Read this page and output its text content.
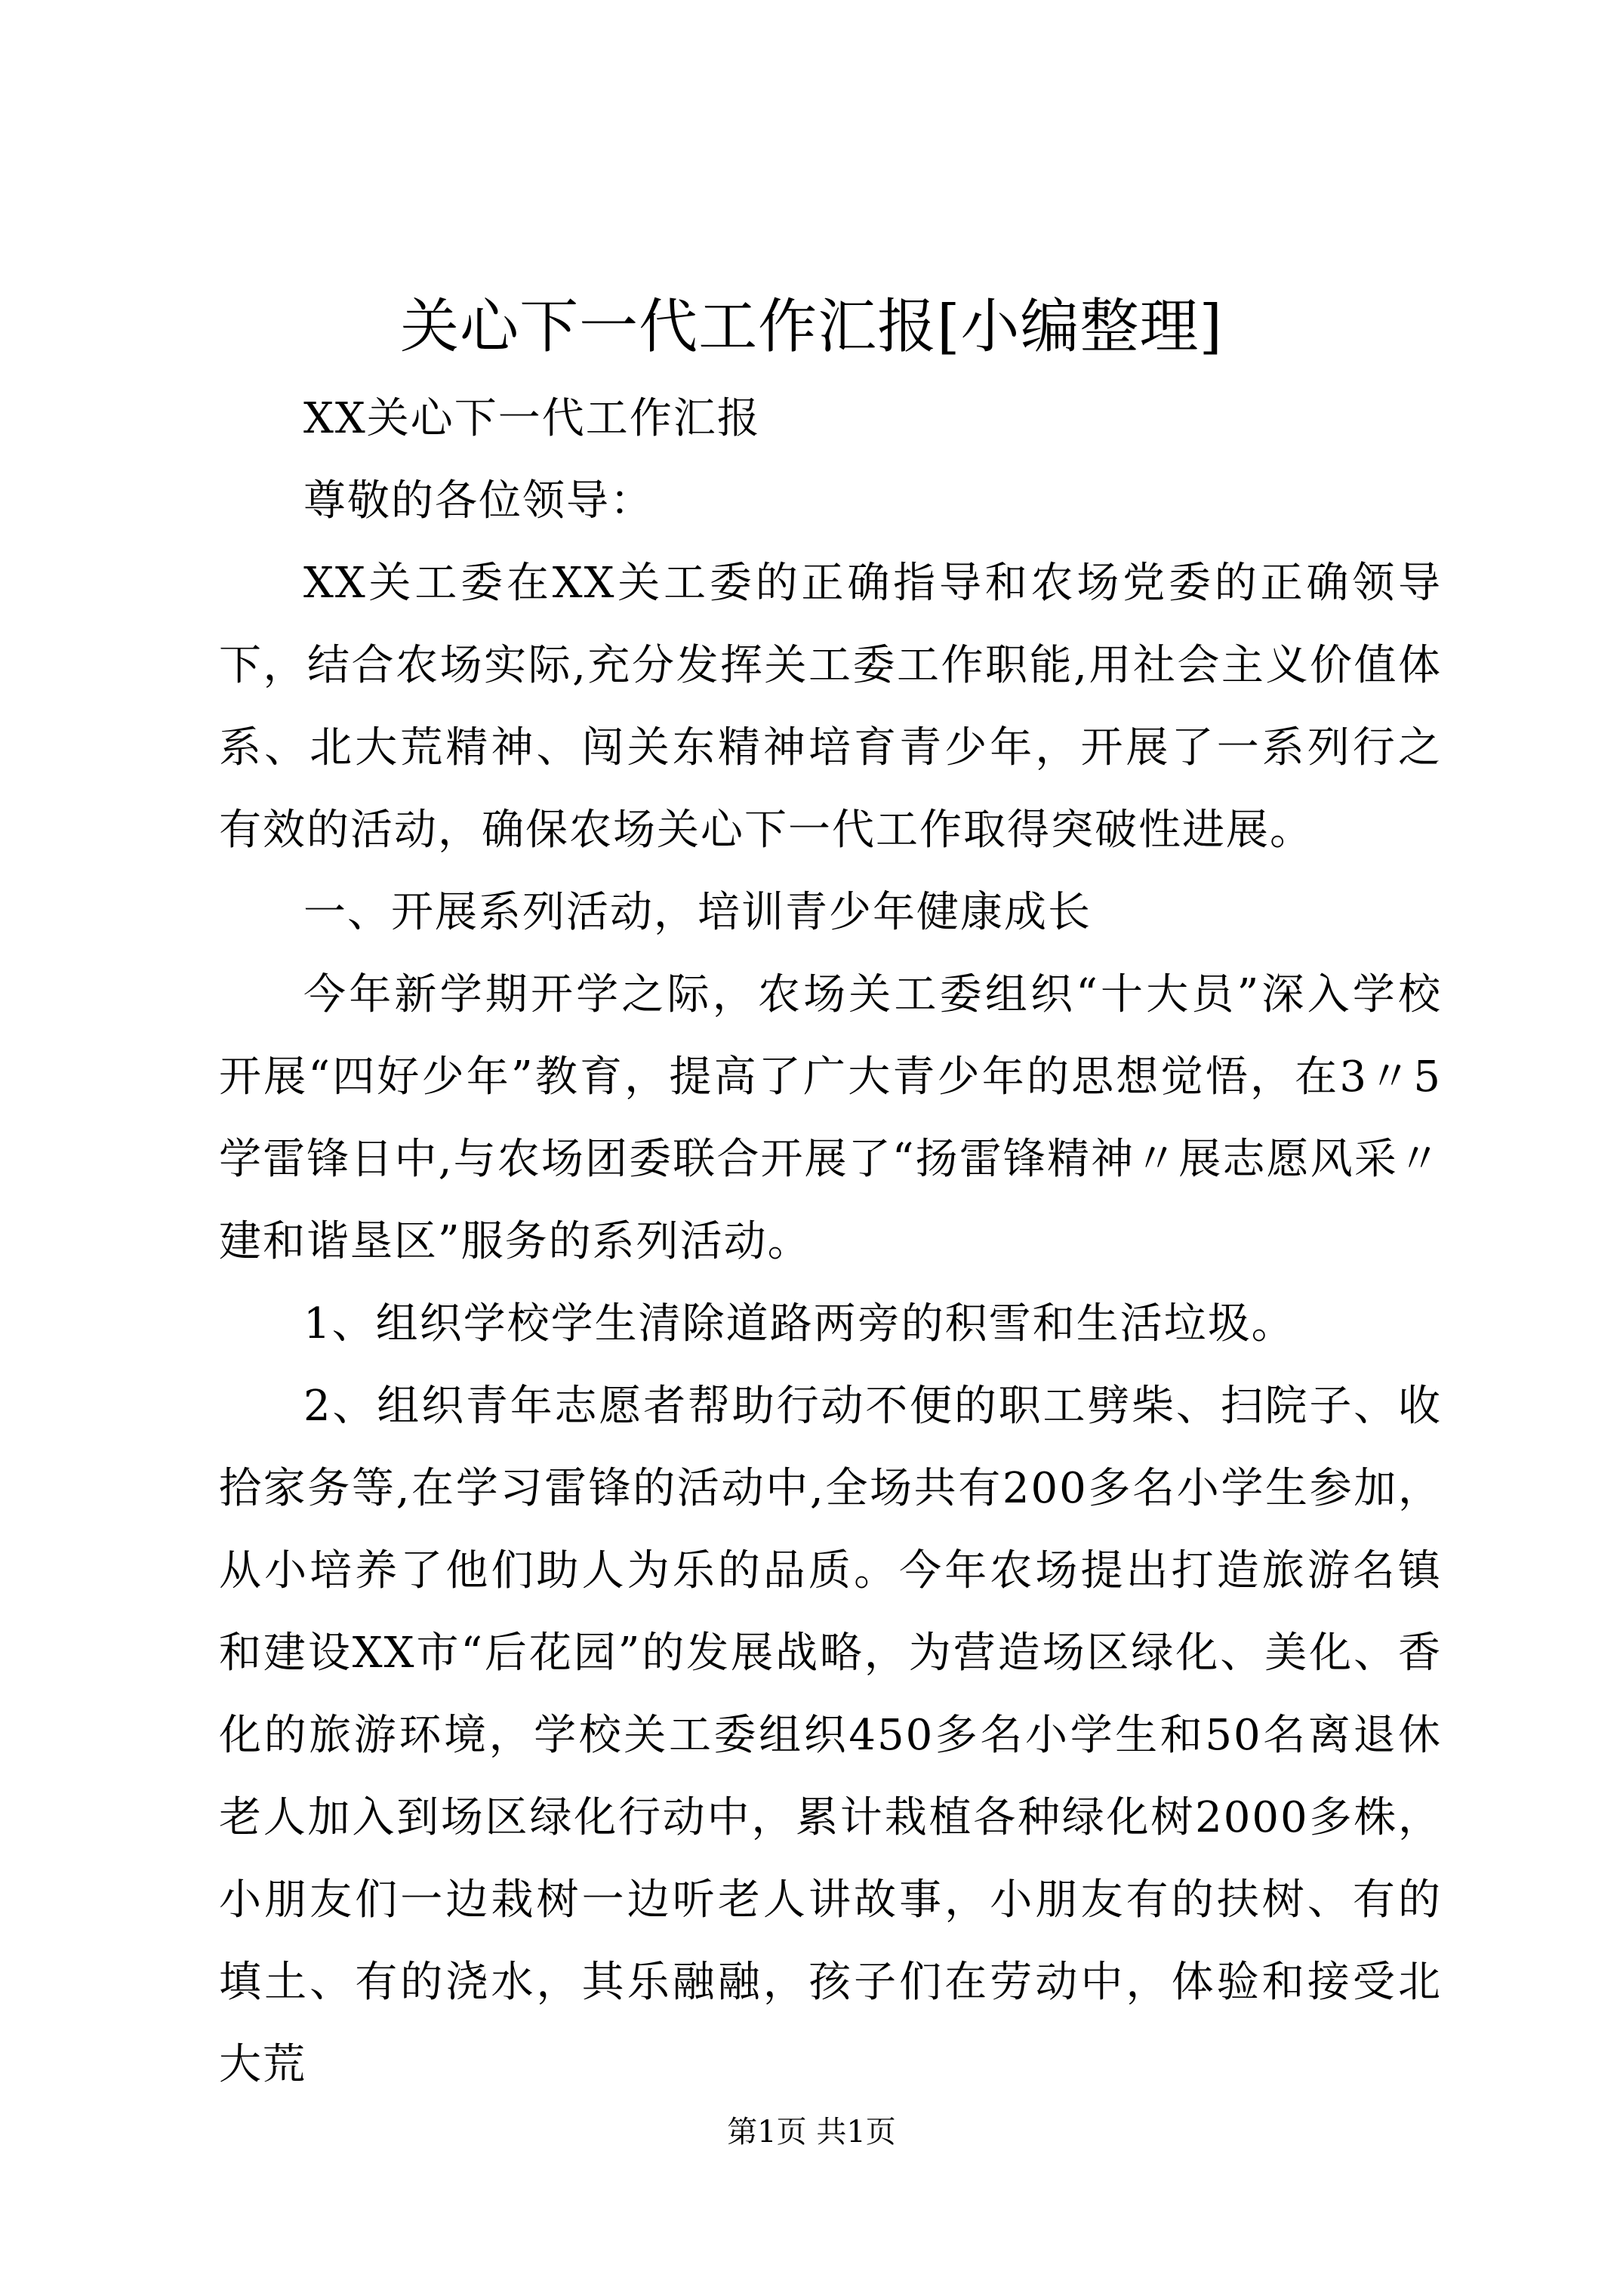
关心下一代工作汇报[小编整理]

XX关心下一代工作汇报

尊敬的各位领导：

XX关工委在XX关工委的正确指导和农场党委的正确领导下，结合农场实际,充分发挥关工委工作职能,用社会主义价值体系、北大荒精神、闯关东精神培育青少年，开展了一系列行之有效的活动，确保农场关心下一代工作取得突破性进展。

一、开展系列活动，培训青少年健康成长

今年新学期开学之际，农场关工委组织“十大员”深入学校开展“四好少年”教育，提高了广大青少年的思想觉悟，在3〃5学雷锋日中,与农场团委联合开展了“扬雷锋精神〃展志愿风采〃建和谐垦区”服务的系列活动。

1、组织学校学生清除道路两旁的积雪和生活垃圾。

2、组织青年志愿者帮助行动不便的职工劈柴、扫院子、收拾家务等,在学习雷锋的活动中,全场共有200多名小学生参加，从小培养了他们助人为乐的品质。今年农场提出打造旅游名镇和建设XX市“后花园”的发展战略，为营造场区绿化、美化、香化的旅游环境，学校关工委组织450多名小学生和50名离退休老人加入到场区绿化行动中，累计栽植各种绿化树2000多株，小朋友们一边栽树一边听老人讲故事，小朋友有的扶树、有的填土、有的浇水，其乐融融，孩子们在劳动中，体验和接受北大荒

第1页 共1页
